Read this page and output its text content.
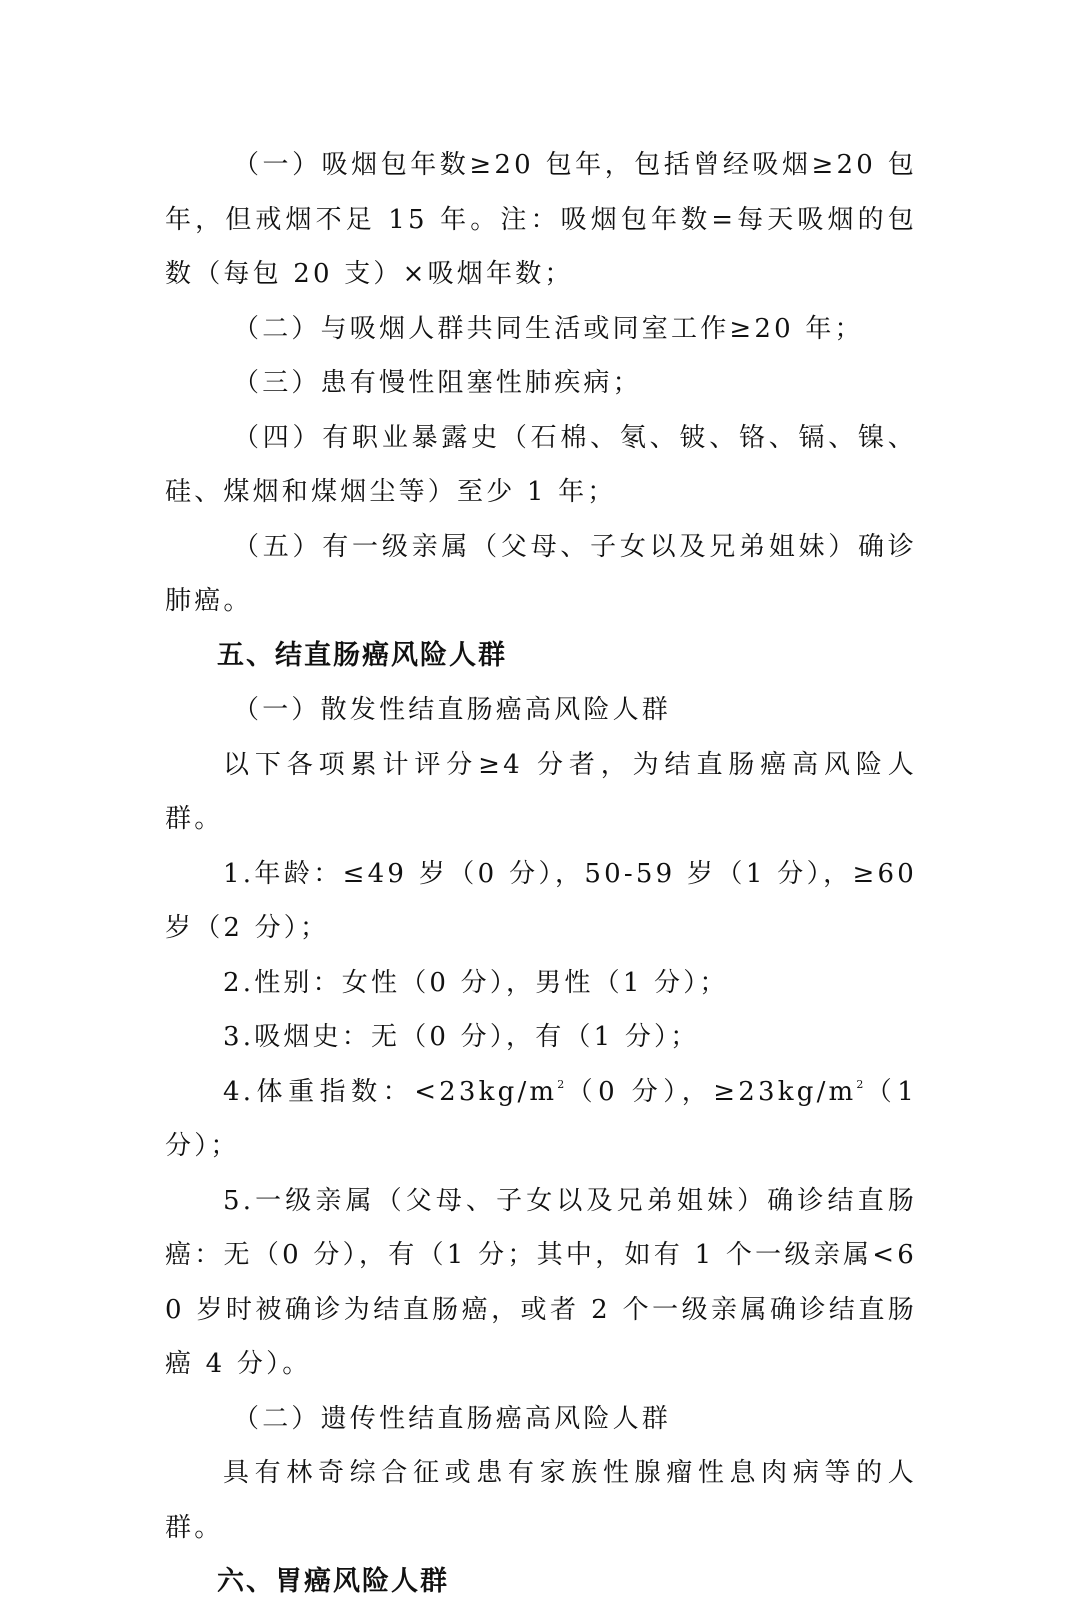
（一）吸烟包年数≥20 包年，包括曾经吸烟≥20 包年，但戒烟不足 15 年。注：吸烟包年数=每天吸烟的包数（每包 20 支）×吸烟年数；

（二）与吸烟人群共同生活或同室工作≥20 年；

（三）患有慢性阻塞性肺疾病；

（四）有职业暴露史（石棉、氡、铍、铬、镉、镍、硅、煤烟和煤烟尘等）至少 1 年；

（五）有一级亲属（父母、子女以及兄弟姐妹）确诊肺癌。

五、结直肠癌风险人群

（一）散发性结直肠癌高风险人群

以下各项累计评分≥4 分者，为结直肠癌高风险人群。

1.年龄：≤49 岁（0 分），50-59 岁（1 分），≥60 岁（2 分）；

2.性别：女性（0 分），男性（1 分）；

3.吸烟史：无（0 分），有（1 分）；

4.体重指数：$<23kg/m^2(0$ 分），$\ge 23kg/m^2(1$ 分）；

5.一级亲属（父母、子女以及兄弟姐妹）确诊结直肠癌：无（0 分），有（1 分；其中，如有 1 个一级亲属<60 岁时被确诊为结直肠癌，或者 2 个一级亲属确诊结直肠癌 4 分）。

（二）遗传性结直肠癌高风险人群

具有林奇综合征或患有家族性腺瘤性息肉病等的人群。

六、胃癌风险人群
